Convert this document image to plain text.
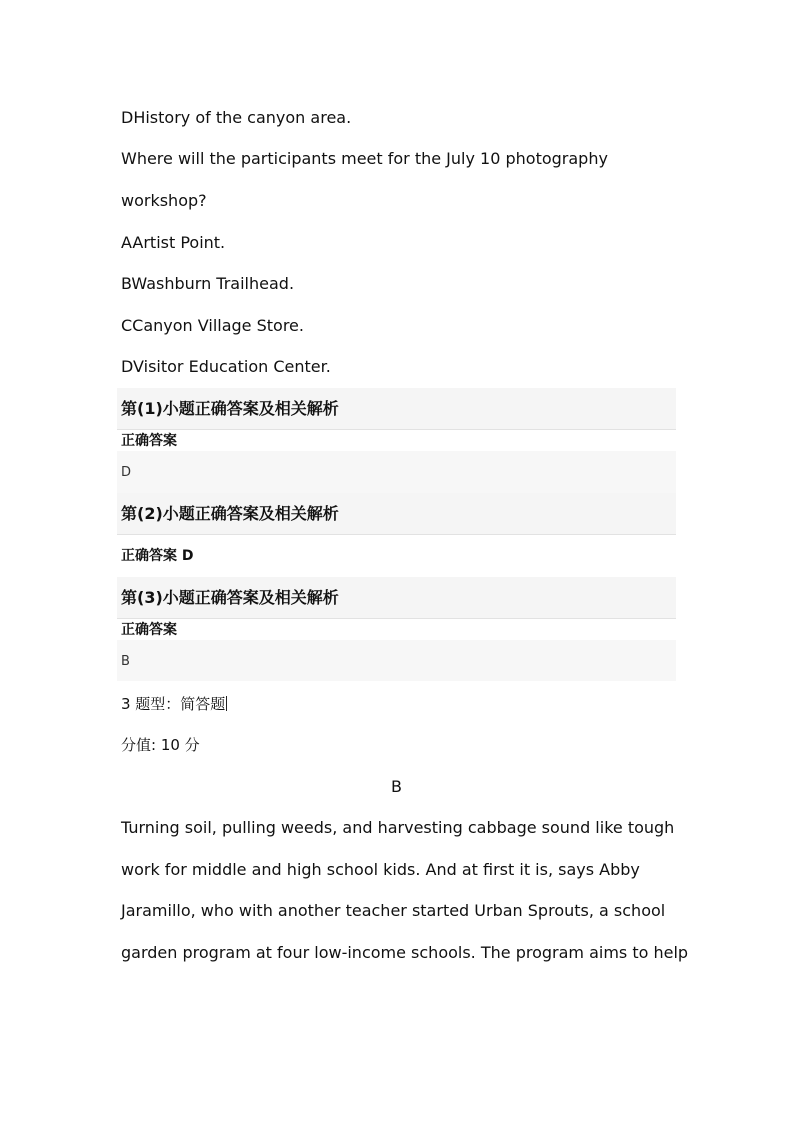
DHistory of the canyon area.
Where will the participants meet for the July 10 photography
workshop?
AArtist Point.
BWashburn Trailhead.
CCanyon Village Store.
DVisitor Education Center.
第(1)小题正确答案及相关解析
正确答案
D
第(2)小题正确答案及相关解析
正确答案 D
第(3)小题正确答案及相关解析
正确答案
B
3 题型：简答题
分值: 10 分
B
Turning soil, pulling weeds, and harvesting cabbage sound like tough
work for middle and high school kids. And at first it is, says Abby
Jaramillo, who with another teacher started Urban Sprouts, a school
garden program at four low-income schools. The program aims to help
